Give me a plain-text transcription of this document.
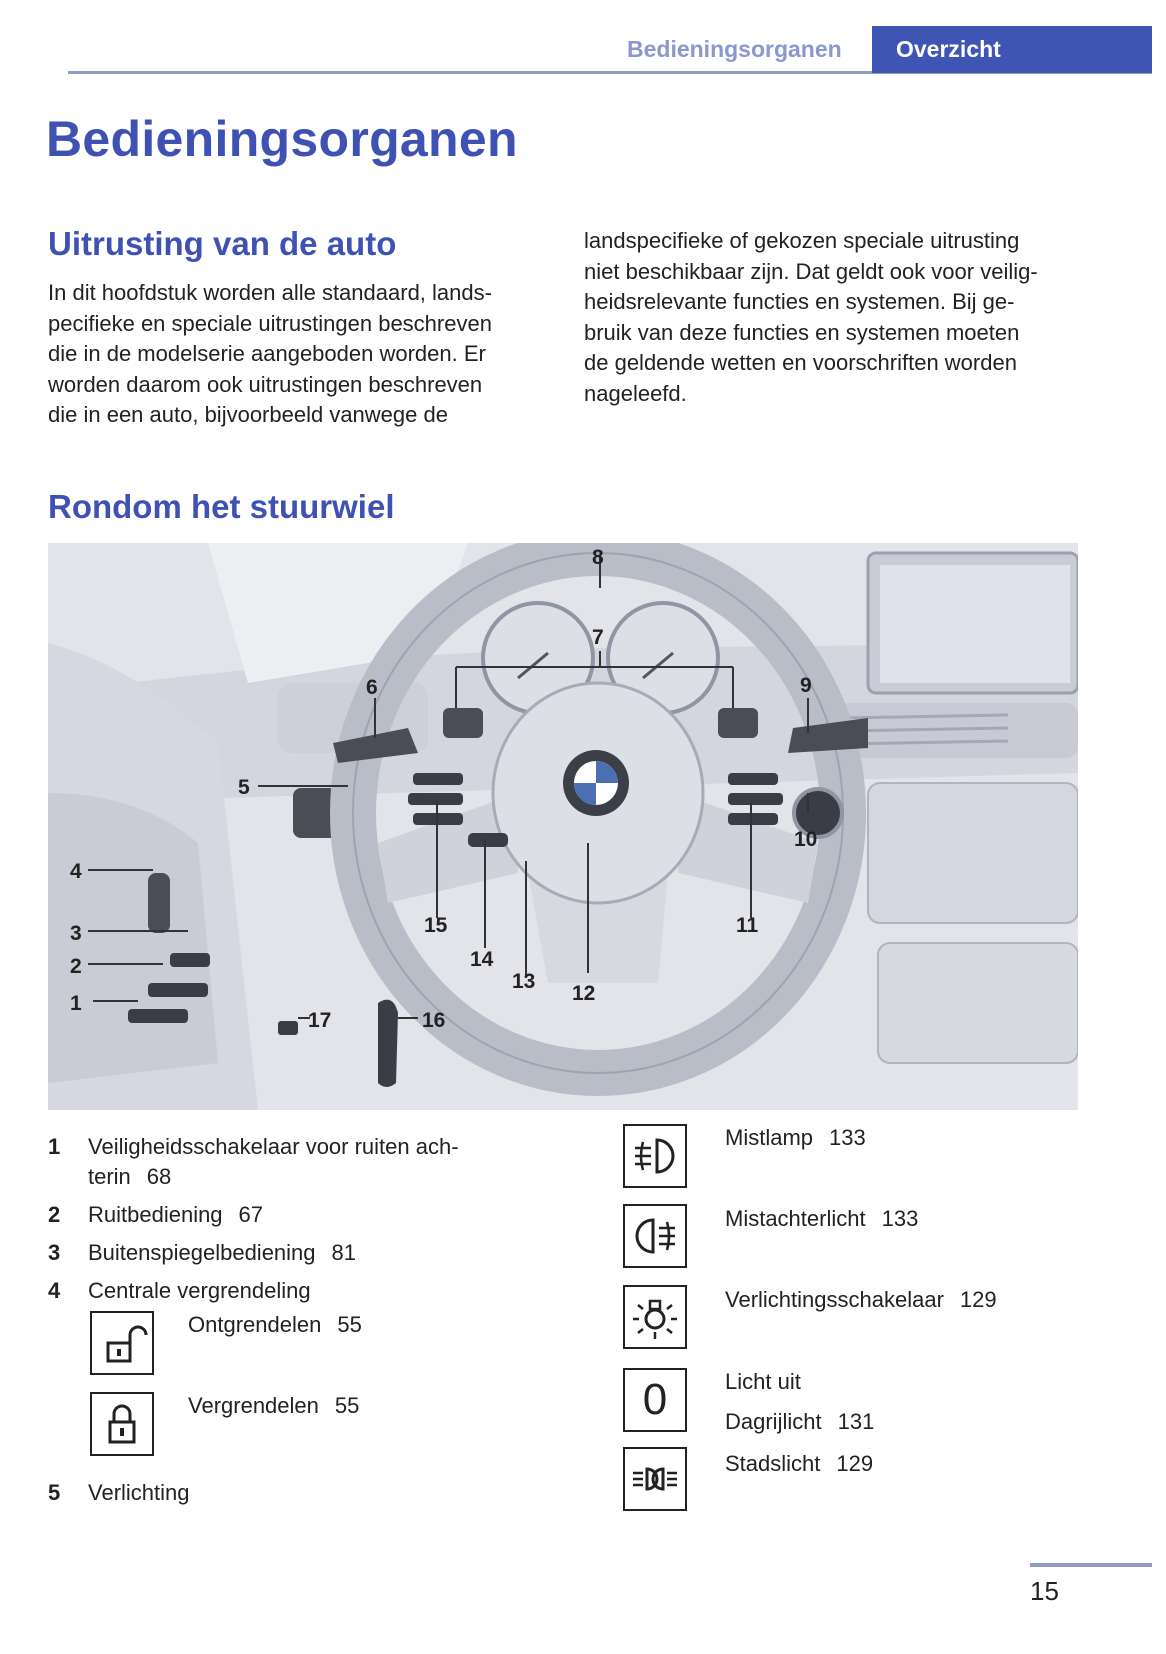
Bedieningsorganen	Overzicht
Bedieningsorganen
Uitrusting van de auto

In dit hoofdstuk worden alle standaard, lands-
pecifieke en speciale uitrustingen beschreven
die in de modelserie aangeboden worden. Er
worden daarom ook uitrustingen beschreven
die in een auto, bijvoorbeeld vanwege de

landspecifieke of gekozen speciale uitrusting
niet beschikbaar zijn. Dat geldt ook voor veilig-
heidsrelevante functies en systemen. Bij ge-
bruik van deze functies en systemen moeten
de geldende wetten en voorschriften worden
nageleefd.

Rondom het stuurwiel
8
7
6	9
5
10
4
15	11
3
14
2
13
12
1
17	16
1 Veiligheidsschakelaar voor ruiten ach-
terin 68
2 Ruitbediening 67
3 Buitenspiegelbediening 81
4 Centrale vergrendeling
Ontgrendelen 55
Vergrendelen 55
5 Verlichting
Mistlamp 133
Mistachterlicht 133
Verlichtingsschakelaar 129
0	Licht uit
Dagrijlicht 131
Stadslicht 129
15
